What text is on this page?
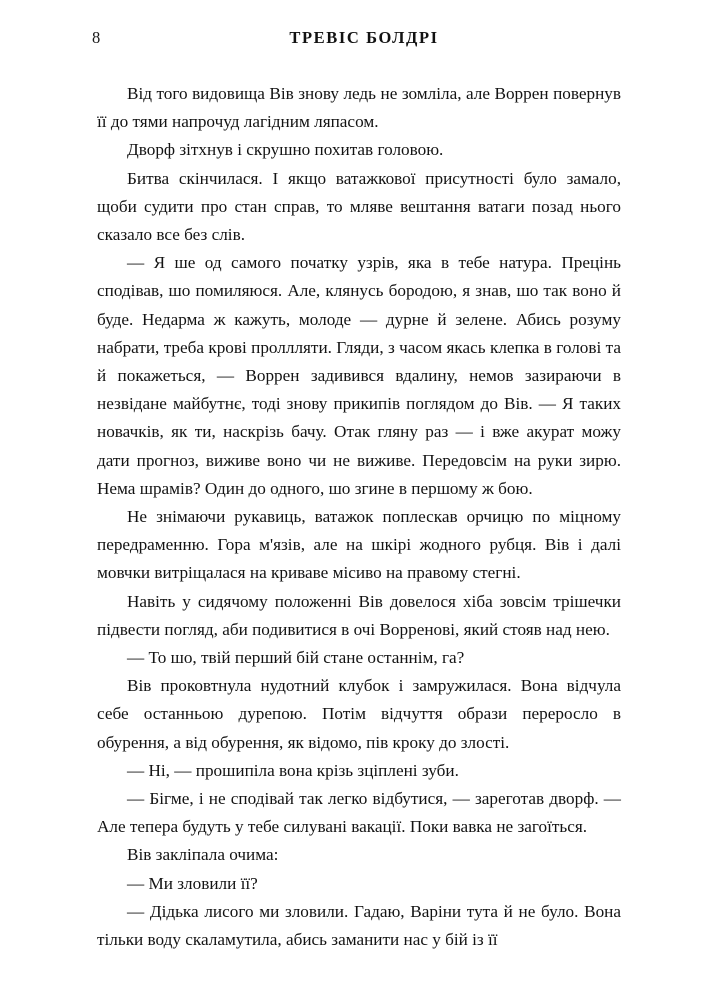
8	ТРЕВІС БОЛДРІ

Від того видовища Вів знову ледь не зомліла, але Воррен повернув її до тями напрочуд лагідним ляпасом.

Дворф зітхнув і скрушно похитав головою.

Битва скінчилася. І якщо ватажкової присутності було замало, щоби судити про стан справ, то мляве вештання ватаги позад нього сказало все без слів.

— Я ше од самого початку узрів, яка в тебе натура. Прецінь сподівав, шо помиляюся. Але, клянусь бородою, я знав, шо так воно й буде. Недарма ж кажуть, молоде — дурне й зелене. Абись розуму набрати, треба крові проллляти. Гляди, з часом якась клепка в голові та й покажеться, — Воррен задивився вдалину, немов зазираючи в незвідане майбутнє, тоді знову прикипів поглядом до Вів. — Я таких новачків, як ти, наскрізь бачу. Отак гляну раз — і вже акурат можу дати прогноз, виживе воно чи не виживе. Передовсім на руки зирю. Нема шрамів? Один до одного, шо згине в першому ж бою.

Не знімаючи рукавиць, ватажок поплескав орчицю по міцному передраменню. Гора м'язів, але на шкірі жодного рубця. Вів і далі мовчки витріщалася на криваве місиво на правому стегні.

Навіть у сидячому положенні Вів довелося хіба зовсім трішечки підвести погляд, аби подивитися в очі Ворренові, який стояв над нею.

— То шо, твій перший бій стане останнім, га?

Вів проковтнула нудотний клубок і замружилася. Вона відчула себе останньою дурепою. Потім відчуття образи переросло в обурення, а від обурення, як відомо, пів кроку до злості.

— Ні, — прошипіла вона крізь зціплені зуби.

— Бігме, і не сподівай так легко відбутися, — зареготав дворф. — Але тепера будуть у тебе силувані вакації. Поки вавка не загоїться.

Вів закліпала очима:

— Ми зловили її?

— Дідька лисого ми зловили. Гадаю, Варіни тута й не було. Вона тільки воду скаламутила, абись заманити нас у бій із її
